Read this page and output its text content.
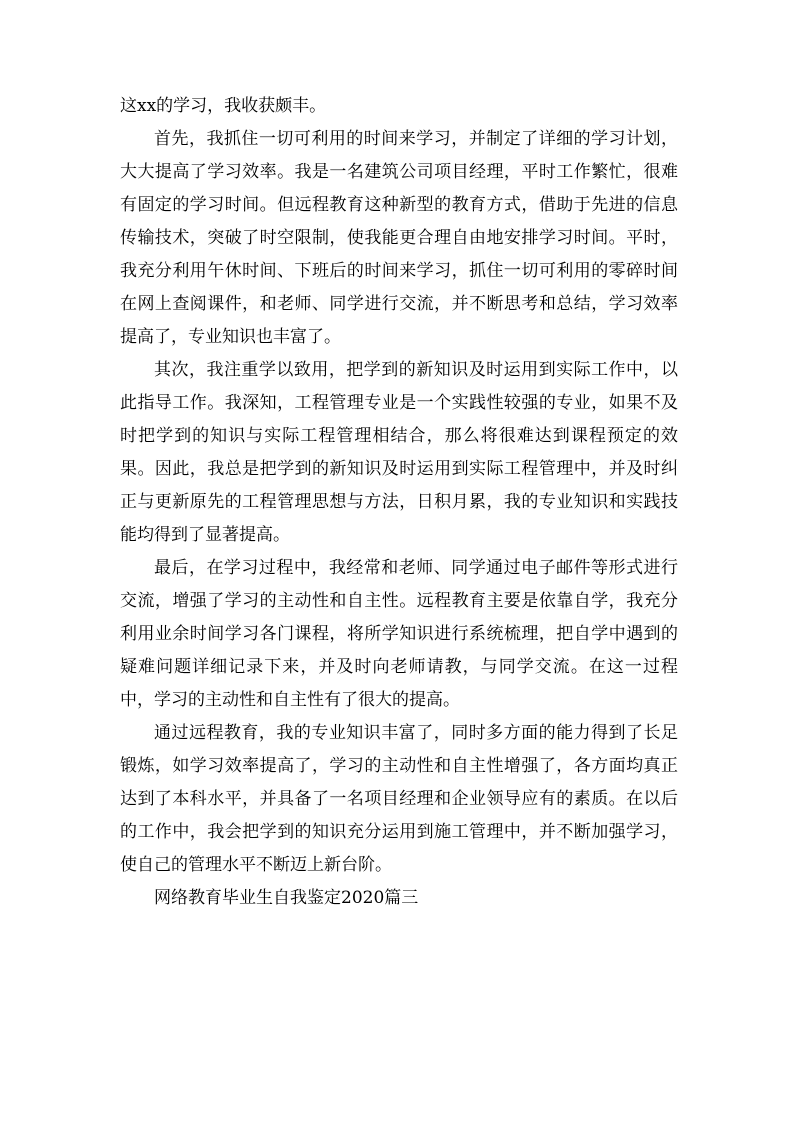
这xx的学习，我收获颇丰。

首先，我抓住一切可利用的时间来学习，并制定了详细的学习计划，大大提高了学习效率。我是一名建筑公司项目经理，平时工作繁忙，很难有固定的学习时间。但远程教育这种新型的教育方式，借助于先进的信息传输技术，突破了时空限制，使我能更合理自由地安排学习时间。平时，我充分利用午休时间、下班后的时间来学习，抓住一切可利用的零碎时间在网上查阅课件，和老师、同学进行交流，并不断思考和总结，学习效率提高了，专业知识也丰富了。

其次，我注重学以致用，把学到的新知识及时运用到实际工作中，以此指导工作。我深知，工程管理专业是一个实践性较强的专业，如果不及时把学到的知识与实际工程管理相结合，那么将很难达到课程预定的效果。因此，我总是把学到的新知识及时运用到实际工程管理中，并及时纠正与更新原先的工程管理思想与方法，日积月累，我的专业知识和实践技能均得到了显著提高。

最后，在学习过程中，我经常和老师、同学通过电子邮件等形式进行交流，增强了学习的主动性和自主性。远程教育主要是依靠自学，我充分利用业余时间学习各门课程，将所学知识进行系统梳理，把自学中遇到的疑难问题详细记录下来，并及时向老师请教，与同学交流。在这一过程中，学习的主动性和自主性有了很大的提高。

通过远程教育，我的专业知识丰富了，同时多方面的能力得到了长足锻炼，如学习效率提高了，学习的主动性和自主性增强了，各方面均真正达到了本科水平，并具备了一名项目经理和企业领导应有的素质。在以后的工作中，我会把学到的知识充分运用到施工管理中，并不断加强学习，使自己的管理水平不断迈上新台阶。

网络教育毕业生自我鉴定2020篇三
